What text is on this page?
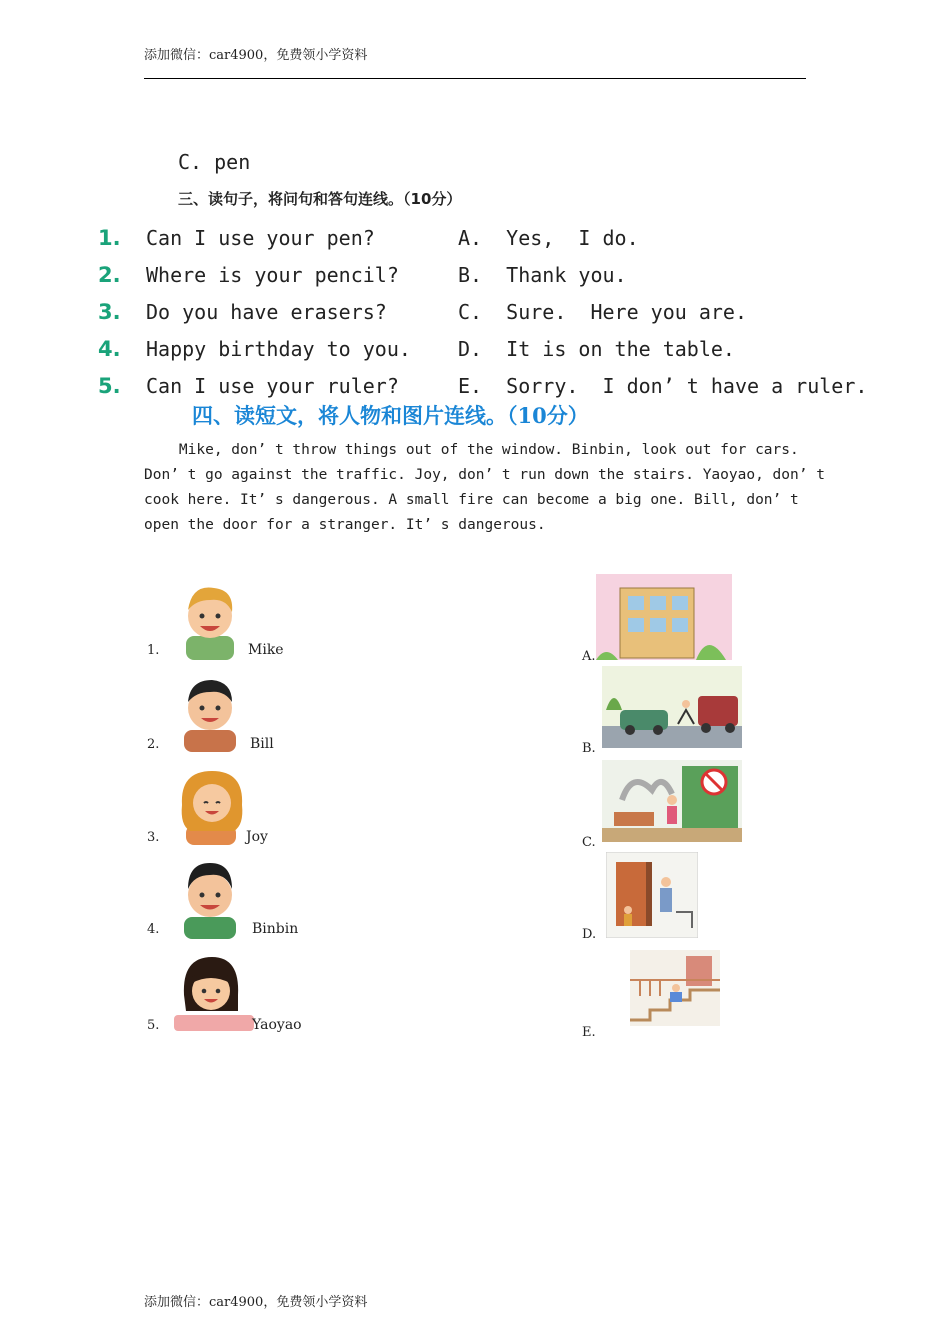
添加微信：car4900，免费领小学资料
C. pen
三、读句子，将问句和答句连线。（10分）
1. Can I use your pen?	A.  Yes,  I do.
2. Where is your pencil?	B.  Thank you.
3. Do you have erasers?	C.  Sure.  Here you are.
4. Happy birthday to you. D.  It is on the table.
5. Can I use your ruler?	E.  Sorry.  I don’ t have a ruler.
四、读短文，将人物和图片连线。（10分）
Mike, don’ t throw things out of the window. Binbin, look out for cars.
Don’ t go against the traffic. Joy, don’ t run down the stairs. Yaoyao, don’ t
cook here. It’ s dangerous. A small fire can become a big one. Bill, don’ t
open the door for a stranger. It’ s dangerous.
1.	Mike
2.	Bill
3.	Joy
4.	Binbin
5.	Yaoyao
A.
B.
C.
D.
E.
添加微信：car4900，免费领小学资料
